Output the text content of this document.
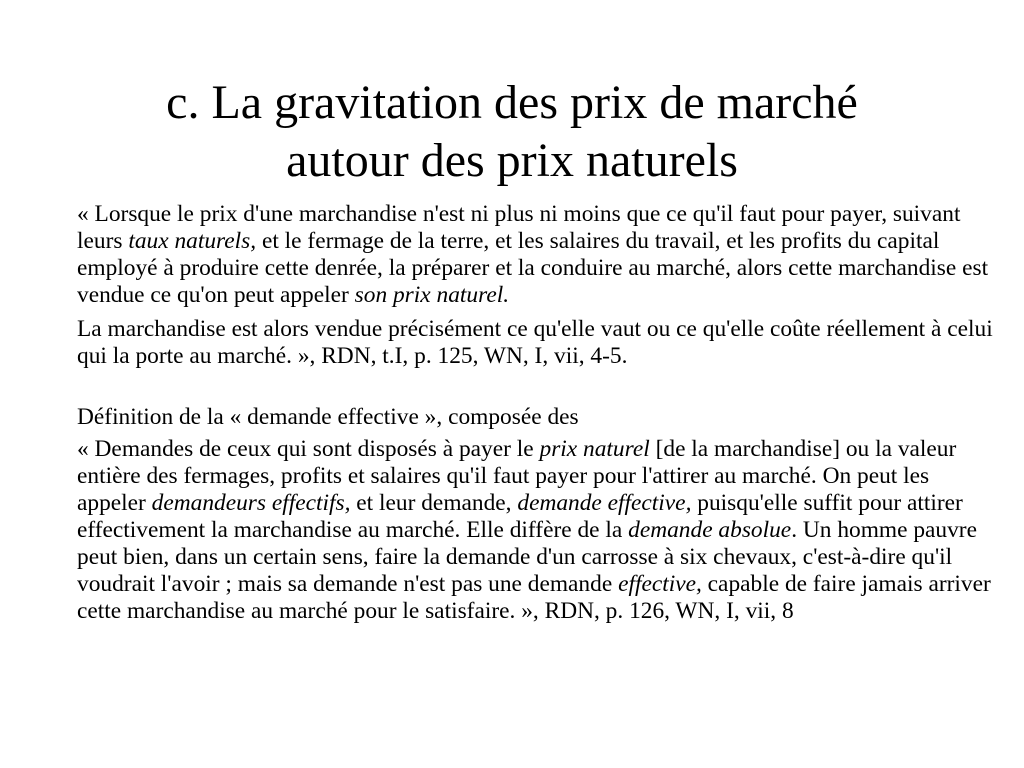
c. La gravitation des prix de marché
autour des prix naturels

« Lorsque le prix d'une marchandise n'est ni plus ni moins que ce qu'il faut pour payer, suivant leurs taux naturels, et le fermage de la terre, et les salaires du travail, et les profits du capital employé à produire cette denrée, la préparer et la conduire au marché, alors cette marchandise est vendue ce qu'on peut appeler son prix naturel.

La marchandise est alors vendue précisément ce qu'elle vaut ou ce qu'elle coûte réellement à celui qui la porte au marché. », RDN, t.I, p. 125, WN, I, vii, 4-5.

Définition de la « demande effective », composée des

« Demandes de ceux qui sont disposés à payer le prix naturel [de la marchandise] ou la valeur entière des fermages, profits et salaires qu'il faut payer pour l'attirer au marché. On peut les appeler demandeurs effectifs, et leur demande, demande effective, puisqu'elle suffit pour attirer effectivement la marchandise au marché. Elle diffère de la demande absolue. Un homme pauvre peut bien, dans un certain sens, faire la demande d'un carrosse à six chevaux, c'est-à-dire qu'il voudrait l'avoir ; mais sa demande n'est pas une demande effective, capable de faire jamais arriver cette marchandise au marché pour le satisfaire. », RDN, p. 126, WN, I, vii, 8
